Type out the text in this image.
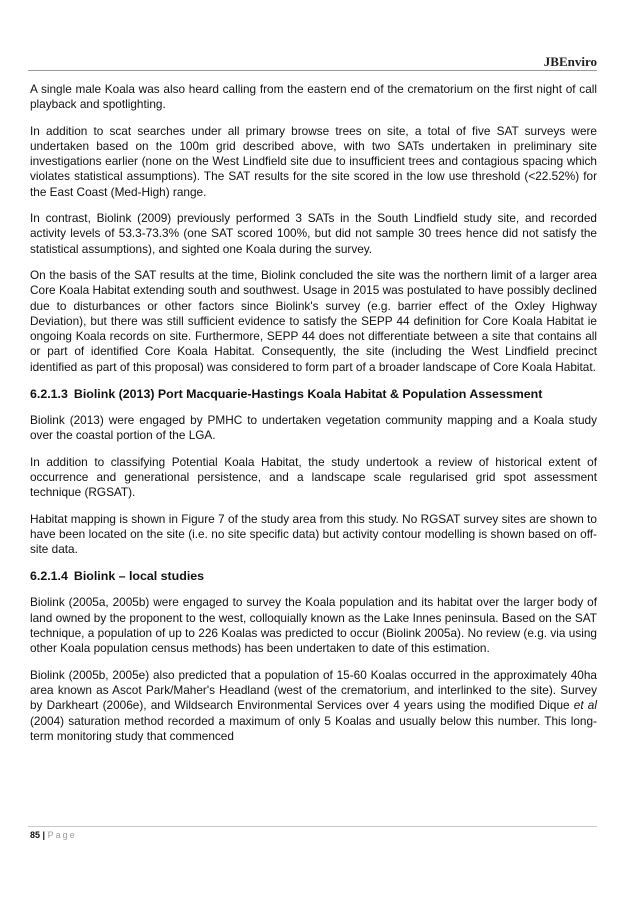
JBEnviro

A single male Koala was also heard calling from the eastern end of the crematorium on the first night of call playback and spotlighting.

In addition to scat searches under all primary browse trees on site, a total of five SAT surveys were undertaken based on the 100m grid described above, with two SATs undertaken in preliminary site investigations earlier (none on the West Lindfield site due to insufficient trees and contagious spacing which violates statistical assumptions). The SAT results for the site scored in the low use threshold (<22.52%) for the East Coast (Med-High) range.

In contrast, Biolink (2009) previously performed 3 SATs in the South Lindfield study site, and recorded activity levels of 53.3-73.3% (one SAT scored 100%, but did not sample 30 trees hence did not satisfy the statistical assumptions), and sighted one Koala during the survey.

On the basis of the SAT results at the time, Biolink concluded the site was the northern limit of a larger area Core Koala Habitat extending south and southwest. Usage in 2015 was postulated to have possibly declined due to disturbances or other factors since Biolink's survey (e.g. barrier effect of the Oxley Highway Deviation), but there was still sufficient evidence to satisfy the SEPP 44 definition for Core Koala Habitat ie ongoing Koala records on site. Furthermore, SEPP 44 does not differentiate between a site that contains all or part of identified Core Koala Habitat. Consequently, the site (including the West Lindfield precinct identified as part of this proposal) was considered to form part of a broader landscape of Core Koala Habitat.

6.2.1.3 Biolink (2013) Port Macquarie-Hastings Koala Habitat & Population Assessment

Biolink (2013) were engaged by PMHC to undertaken vegetation community mapping and a Koala study over the coastal portion of the LGA.

In addition to classifying Potential Koala Habitat, the study undertook a review of historical extent of occurrence and generational persistence, and a landscape scale regularised grid spot assessment technique (RGSAT).

Habitat mapping is shown in Figure 7 of the study area from this study. No RGSAT survey sites are shown to have been located on the site (i.e. no site specific data) but activity contour modelling is shown based on off-site data.

6.2.1.4 Biolink – local studies

Biolink (2005a, 2005b) were engaged to survey the Koala population and its habitat over the larger body of land owned by the proponent to the west, colloquially known as the Lake Innes peninsula. Based on the SAT technique, a population of up to 226 Koalas was predicted to occur (Biolink 2005a). No review (e.g. via using other Koala population census methods) has been undertaken to date of this estimation.

Biolink (2005b, 2005e) also predicted that a population of 15-60 Koalas occurred in the approximately 40ha area known as Ascot Park/Maher's Headland (west of the crematorium, and interlinked to the site). Survey by Darkheart (2006e), and Wildsearch Environmental Services over 4 years using the modified Dique et al (2004) saturation method recorded a maximum of only 5 Koalas and usually below this number. This long-term monitoring study that commenced

85 | Page
